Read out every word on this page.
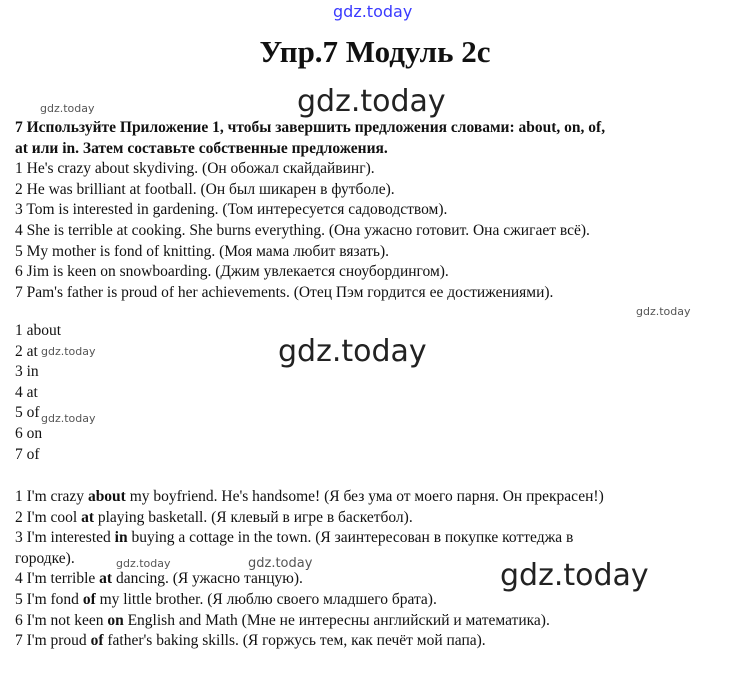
gdz.today
Упр.7 Модуль 2с
gdz.today	gdz.today
7 Используйте Приложение 1, чтобы завершить предложения словами: about, on, of,
at или in. Затем составьте собственные предложения.
1 He's crazy about skydiving. (Он обожал скайдайвинг).
2 He was brilliant at football. (Он был шикарен в футболе).
3 Tom is interested in gardening. (Том интересуется садоводством).
4 She is terrible at cooking. She burns everything. (Она ужасно готовит. Она сжигает всё).
5 My mother is fond of knitting. (Моя мама любит вязать).
6 Jim is keen on snowboarding. (Джим увлекается сноубордингом).
7 Pam's father is proud of her achievements. (Отец Пэм гордится ее достижениями).
gdz.today
gdz.today
1 about
2 at
3 in
4 at
5 of
6 on
7 of
gdz.today
gdz.today
1 I'm crazy about my boyfriend. He's handsome! (Я без ума от моего парня. Он прекрасен!)
2 I'm cool at playing basketall. (Я клевый в игре в баскетбол).
3 I'm interested in buying a cottage in the town. (Я заинтересован в покупке коттеджа в
городке).
4 I'm terrible at dancing. (Я ужасно танцую).
5 I'm fond of my little brother. (Я люблю своего младшего брата).
6 I'm not keen on English and Math (Мне не интересны английский и математика).
7 I'm proud of father's baking skills. (Я горжусь тем, как печёт мой папа).
gdz.today	gdz.today	gdz.today
